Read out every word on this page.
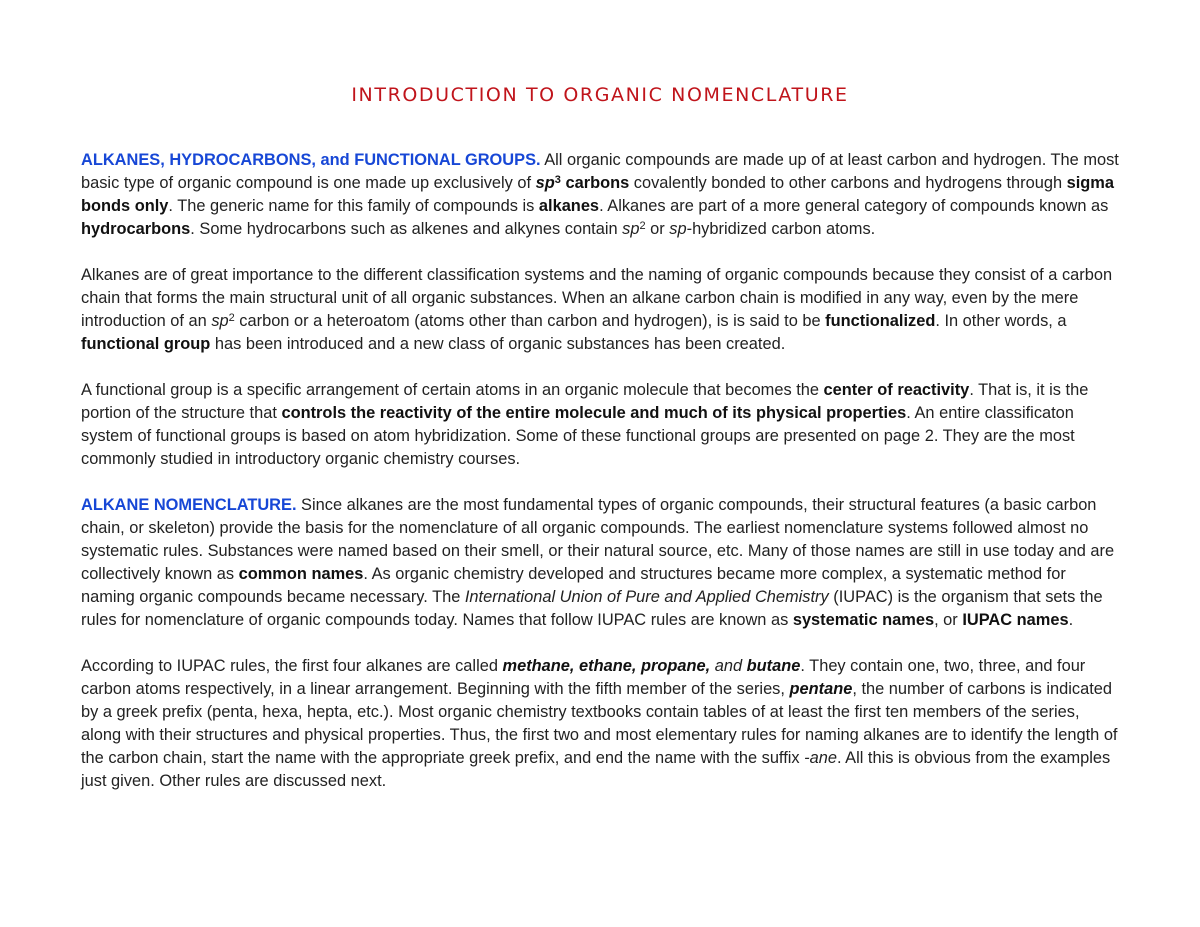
INTRODUCTION TO ORGANIC NOMENCLATURE

ALKANES, HYDROCARBONS, and FUNCTIONAL GROUPS. All organic compounds are made up of at least carbon and hydrogen. The most basic type of organic compound is one made up exclusively of $sp^3$ carbons covalently bonded to other carbons and hydrogens through sigma bonds only. The generic name for this family of compounds is alkanes. Alkanes are part of a more general category of compounds known as hydrocarbons. Some hydrocarbons such as alkenes and alkynes contain $sp^2$ or sp-hybridized carbon atoms.

Alkanes are of great importance to the different classification systems and the naming of organic compounds because they consist of a carbon chain that forms the main structural unit of all organic substances. When an alkane carbon chain is modified in any way, even by the mere introduction of an $sp^2$ carbon or a heteroatom (atoms other than carbon and hydrogen), is is said to be functionalized. In other words, a functional group has been introduced and a new class of organic substances has been created.

A functional group is a specific arrangement of certain atoms in an organic molecule that becomes the center of reactivity. That is, it is the portion of the structure that controls the reactivity of the entire molecule and much of its physical properties. An entire classificaton system of functional groups is based on atom hybridization. Some of these functional groups are presented on page 2. They are the most commonly studied in introductory organic chemistry courses.

ALKANE NOMENCLATURE. Since alkanes are the most fundamental types of organic compounds, their structural features (a basic carbon chain, or skeleton) provide the basis for the nomenclature of all organic compounds. The earliest nomenclature systems followed almost no systematic rules. Substances were named based on their smell, or their natural source, etc. Many of those names are still in use today and are collectively known as common names. As organic chemistry developed and structures became more complex, a systematic method for naming organic compounds became necessary. The International Union of Pure and Applied Chemistry (IUPAC) is the organism that sets the rules for nomenclature of organic compounds today. Names that follow IUPAC rules are known as systematic names, or IUPAC names.

According to IUPAC rules, the first four alkanes are called methane, ethane, propane, and butane. They contain one, two, three, and four carbon atoms respectively, in a linear arrangement. Beginning with the fifth member of the series, pentane, the number of carbons is indicated by a greek prefix (penta, hexa, hepta, etc.). Most organic chemistry textbooks contain tables of at least the first ten members of the series, along with their structures and physical properties. Thus, the first two and most elementary rules for naming alkanes are to identify the length of the carbon chain, start the name with the appropriate greek prefix, and end the name with the suffix -ane. All this is obvious from the examples just given. Other rules are discussed next.
